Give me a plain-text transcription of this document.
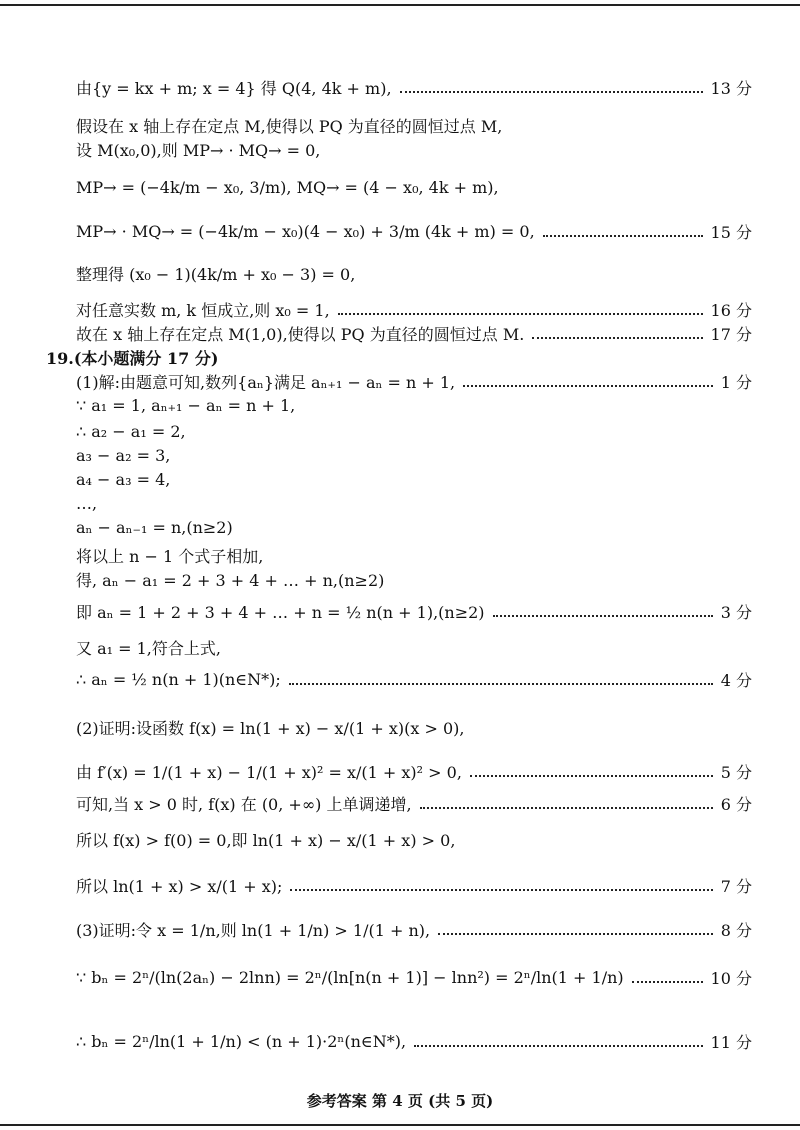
由{y = kx + m; x = 4} 得 Q(4, 4k + m),	13 分
假设在 x 轴上存在定点 M,使得以 PQ 为直径的圆恒过点 M,
设 M(x₀,0),则 MP→ · MQ→ = 0,
MP→ = (−4k/m − x₀, 3/m), MQ→ = (4 − x₀, 4k + m),
MP→ · MQ→ = (−4k/m − x₀)(4 − x₀) + 3/m (4k + m) = 0,	15 分
整理得 (x₀ − 1)(4k/m + x₀ − 3) = 0,
对任意实数 m, k 恒成立,则 x₀ = 1,	16 分
故在 x 轴上存在定点 M(1,0),使得以 PQ 为直径的圆恒过点 M.	17 分
19.(本小题满分 17 分)
(1)解:由题意可知,数列{aₙ}满足 aₙ₊₁ − aₙ = n + 1,	1 分
∵ a₁ = 1, aₙ₊₁ − aₙ = n + 1,
∴ a₂ − a₁ = 2,
a₃ − a₂ = 3,
a₄ − a₃ = 4,
…,
aₙ − aₙ₋₁ = n,(n≥2)
将以上 n − 1 个式子相加,
得, aₙ − a₁ = 2 + 3 + 4 + … + n,(n≥2)
即 aₙ = 1 + 2 + 3 + 4 + … + n = ½ n(n + 1),(n≥2)	3 分
又 a₁ = 1,符合上式,
∴ aₙ = ½ n(n + 1)(n∈N*);	4 分
(2)证明:设函数 f(x) = ln(1 + x) − x/(1 + x)(x > 0),
由 f′(x) = 1/(1 + x) − 1/(1 + x)² = x/(1 + x)² > 0,	5 分
可知,当 x > 0 时, f(x) 在 (0, +∞) 上单调递增,	6 分
所以 f(x) > f(0) = 0,即 ln(1 + x) − x/(1 + x) > 0,
所以 ln(1 + x) > x/(1 + x);	7 分
(3)证明:令 x = 1/n,则 ln(1 + 1/n) > 1/(1 + n),	8 分
∵ bₙ = 2ⁿ/(ln(2aₙ) − 2lnn) = 2ⁿ/(ln[n(n + 1)] − lnn²) = 2ⁿ/ln(1 + 1/n)	10 分
∴ bₙ = 2ⁿ/ln(1 + 1/n) < (n + 1)·2ⁿ(n∈N*),	11 分
参考答案 第 4 页 (共 5 页)
